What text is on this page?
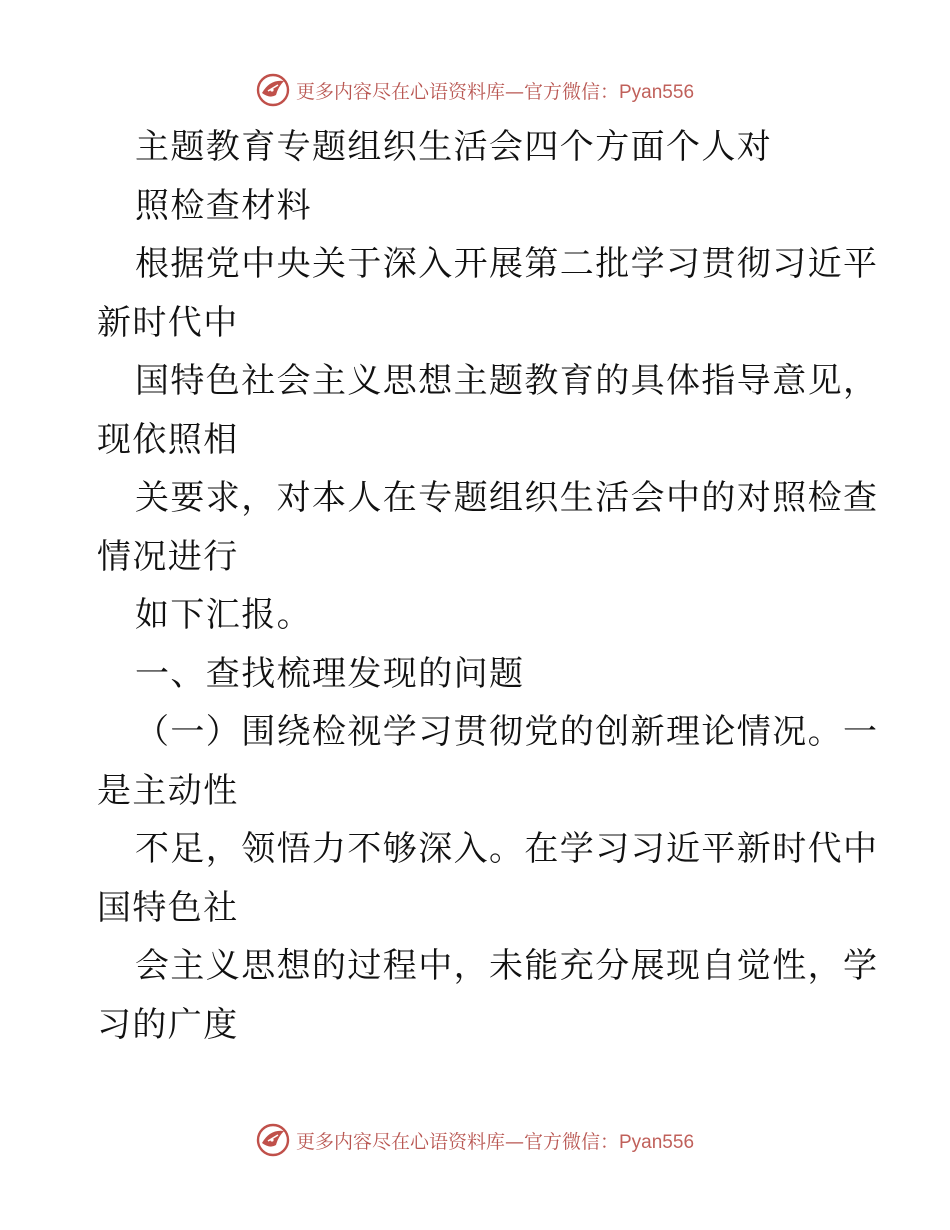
更多内容尽在心语资料库—官方微信：Pyan556
主题教育专题组织生活会四个方面个人对
照检查材料
根据党中央关于深入开展第二批学习贯彻习近平
新时代中
国特色社会主义思想主题教育的具体指导意见，
现依照相
关要求，对本人在专题组织生活会中的对照检查
情况进行
如下汇报。
一、查找梳理发现的问题
（一）围绕检视学习贯彻党的创新理论情况。一
是主动性
不足，领悟力不够深入。在学习习近平新时代中
国特色社
会主义思想的过程中，未能充分展现自觉性，学
习的广度
更多内容尽在心语资料库—官方微信：Pyan556
